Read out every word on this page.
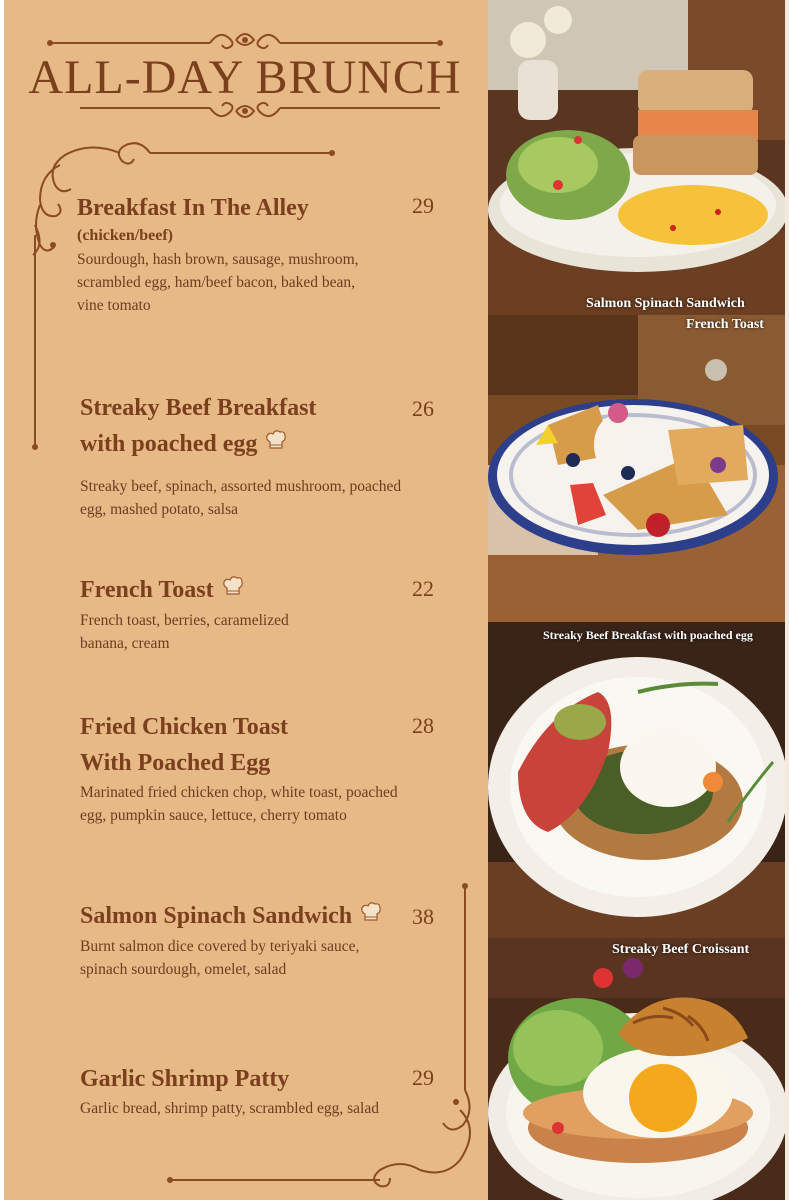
ALL-DAY BRUNCH
Breakfast In The Alley
(chicken/beef)
Sourdough, hash brown, sausage, mushroom, scrambled egg, ham/beef bacon, baked bean, vine tomato
29
Streaky Beef Breakfast
with poached egg
Streaky beef, spinach, assorted mushroom, poached egg, mashed potato, salsa
26
French Toast
French toast, berries, caramelized banana, cream
22
Fried Chicken Toast
With Poached Egg
Marinated fried chicken chop, white toast, poached egg, pumpkin sauce, lettuce, cherry tomato
28
Salmon Spinach Sandwich
Burnt salmon dice covered by teriyaki sauce, spinach sourdough, omelet, salad
38
Garlic Shrimp Patty
Garlic bread, shrimp patty, scrambled egg, salad
29
Salmon Spinach Sandwich
French Toast
Streaky Beef Breakfast with poached egg
Streaky Beef Croissant
